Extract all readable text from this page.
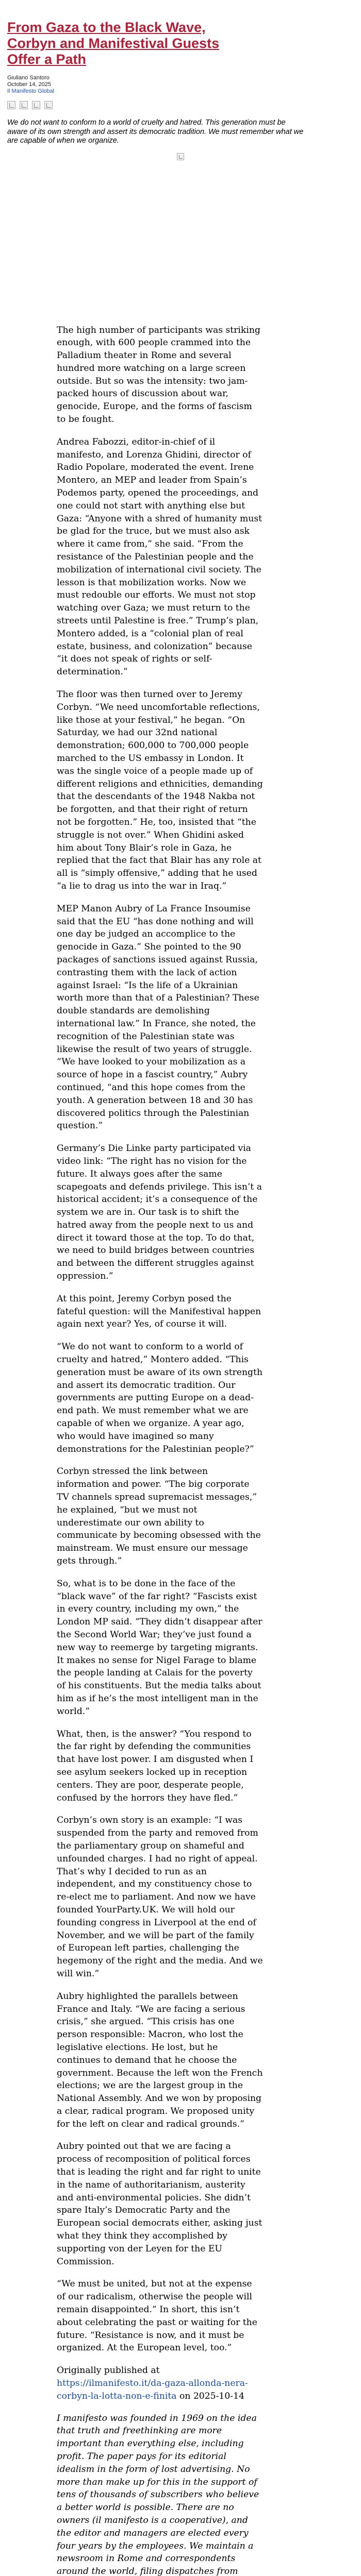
From Gaza to the Black Wave, Corbyn and Manifestival Guests Offer a Path
Giuliano Santoro
October 14, 2025
Il Manifesto Global

We do not want to conform to a world of cruelty and hatred. This generation must be aware of its own strength and assert its democratic tradition. We must remember what we are capable of when we organize.

The high number of participants was striking enough, with 600 people crammed into the Palladium theater in Rome and several hundred more watching on a large screen outside. But so was the intensity: two jam-packed hours of discussion about war, genocide, Europe, and the forms of fascism to be fought.

Andrea Fabozzi, editor-in-chief of il manifesto, and Lorenza Ghidini, director of Radio Popolare, moderated the event. Irene Montero, an MEP and leader from Spain’s Podemos party, opened the proceedings, and one could not start with anything else but Gaza: “Anyone with a shred of humanity must be glad for the truce, but we must also ask where it came from,” she said. “From the resistance of the Palestinian people and the mobilization of international civil society. The lesson is that mobilization works. Now we must redouble our efforts. We must not stop watching over Gaza; we must return to the streets until Palestine is free.” Trump’s plan, Montero added, is a “colonial plan of real estate, business, and colonization” because “it does not speak of rights or self-determination.”

The floor was then turned over to Jeremy Corbyn. “We need uncomfortable reflections, like those at your festival,” he began. “On Saturday, we had our 32nd national demonstration; 600,000 to 700,000 people marched to the US embassy in London. It was the single voice of a people made up of different religions and ethnicities, demanding that the descendants of the 1948 Nakba not be forgotten, and that their right of return not be forgotten.” He, too, insisted that “the struggle is not over.” When Ghidini asked him about Tony Blair’s role in Gaza, he replied that the fact that Blair has any role at all is “simply offensive,” adding that he used “a lie to drag us into the war in Iraq.”

MEP Manon Aubry of La France Insoumise said that the EU “has done nothing and will one day be judged an accomplice to the genocide in Gaza.” She pointed to the 90 packages of sanctions issued against Russia, contrasting them with the lack of action against Israel: “Is the life of a Ukrainian worth more than that of a Palestinian? These double standards are demolishing international law.” In France, she noted, the recognition of the Palestinian state was likewise the result of two years of struggle. “We have looked to your mobilization as a source of hope in a fascist country,” Aubry continued, “and this hope comes from the youth. A generation between 18 and 30 has discovered politics through the Palestinian question.”

Germany’s Die Linke party participated via video link: “The right has no vision for the future. It always goes after the same scapegoats and defends privilege. This isn’t a historical accident; it’s a consequence of the system we are in. Our task is to shift the hatred away from the people next to us and direct it toward those at the top. To do that, we need to build bridges between countries and between the different struggles against oppression.”

At this point, Jeremy Corbyn posed the fateful question: will the Manifestival happen again next year? Yes, of course it will.

“We do not want to conform to a world of cruelty and hatred,” Montero added. “This generation must be aware of its own strength and assert its democratic tradition. Our governments are putting Europe on a dead-end path. We must remember what we are capable of when we organize. A year ago, who would have imagined so many demonstrations for the Palestinian people?”

Corbyn stressed the link between information and power. “The big corporate TV channels spread supremacist messages,” he explained, “but we must not underestimate our own ability to communicate by becoming obsessed with the mainstream. We must ensure our message gets through.”

So, what is to be done in the face of the “black wave” of the far right? “Fascists exist in every country, including my own,” the London MP said. “They didn’t disappear after the Second World War; they’ve just found a new way to reemerge by targeting migrants. It makes no sense for Nigel Farage to blame the people landing at Calais for the poverty of his constituents. But the media talks about him as if he’s the most intelligent man in the world.”

What, then, is the answer? “You respond to the far right by defending the communities that have lost power. I am disgusted when I see asylum seekers locked up in reception centers. They are poor, desperate people, confused by the horrors they have fled.”

Corbyn’s own story is an example: “I was suspended from the party and removed from the parliamentary group on shameful and unfounded charges. I had no right of appeal. That’s why I decided to run as an independent, and my constituency chose to re-elect me to parliament. And now we have founded YourParty.UK. We will hold our founding congress in Liverpool at the end of November, and we will be part of the family of European left parties, challenging the hegemony of the right and the media. And we will win.”

Aubry highlighted the parallels between France and Italy. “We are facing a serious crisis,” she argued. “This crisis has one person responsible: Macron, who lost the legislative elections. He lost, but he continues to demand that he choose the government. Because the left won the French elections; we are the largest group in the National Assembly. And we won by proposing a clear, radical program. We proposed unity for the left on clear and radical grounds.”

Aubry pointed out that we are facing a process of recomposition of political forces that is leading the right and far right to unite in the name of authoritarianism, austerity and anti-environmental policies. She didn’t spare Italy’s Democratic Party and the European social democrats either, asking just what they think they accomplished by supporting von der Leyen for the EU Commission.

“We must be united, but not at the expense of our radicalism, otherwise the people will remain disappointed.” In short, this isn’t about celebrating the past or waiting for the future. “Resistance is now, and it must be organized. At the European level, too.”

Originally published at https://ilmanifesto.it/da-gaza-allonda-nera-corbyn-la-lotta-non-e-finita on 2025-10-14

I manifesto was founded in 1969 on the idea that truth and freethinking are more important than everything else, including profit. The paper pays for its editorial idealism in the form of lost advertising. No more than make up for this in the support of tens of thousands of subscribers who believe a better world is possible. There are no owners (il manifesto is a cooperative), and the editor and managers are elected every four years by the employees. We maintain a newsroom in Rome and correspondents around the world, filing dispatches from
